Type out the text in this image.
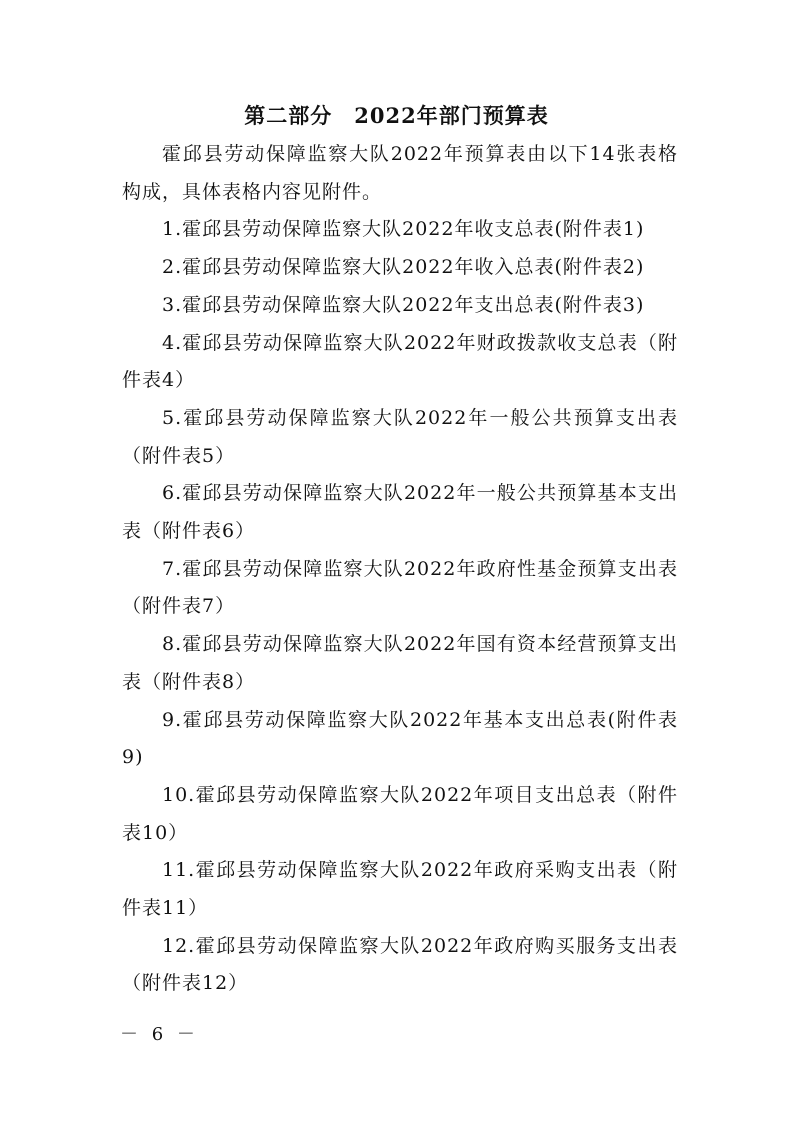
第二部分　2022年部门预算表

霍邱县劳动保障监察大队2022年预算表由以下14张表格构成，具体表格内容见附件。

1.霍邱县劳动保障监察大队2022年收支总表(附件表1)

2.霍邱县劳动保障监察大队2022年收入总表(附件表2)

3.霍邱县劳动保障监察大队2022年支出总表(附件表3)

4.霍邱县劳动保障监察大队2022年财政拨款收支总表（附件表4）

5.霍邱县劳动保障监察大队2022年一般公共预算支出表（附件表5）

6.霍邱县劳动保障监察大队2022年一般公共预算基本支出表（附件表6）

7.霍邱县劳动保障监察大队2022年政府性基金预算支出表（附件表7）

8.霍邱县劳动保障监察大队2022年国有资本经营预算支出表（附件表8）

9.霍邱县劳动保障监察大队2022年基本支出总表(附件表9)

10.霍邱县劳动保障监察大队2022年项目支出总表（附件表10）

11.霍邱县劳动保障监察大队2022年政府采购支出表（附件表11）

12.霍邱县劳动保障监察大队2022年政府购买服务支出表（附件表12）

－ 6 －
